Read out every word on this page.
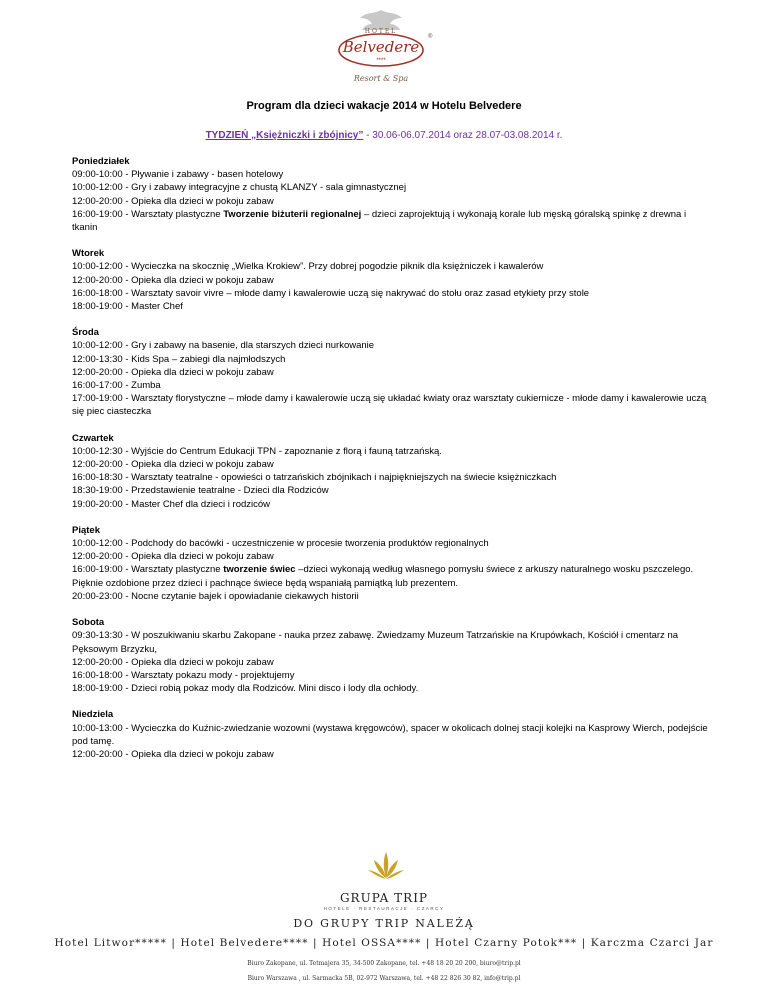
HOTEL
Belvedere
®
****
Resort & Spa
Program dla dzieci wakacje 2014 w Hotelu Belvedere
TYDZIEŃ „Księżniczki i zbójnicy” - 30.06-06.07.2014 oraz 28.07-03.08.2014 r.
Poniedziałek
09:00-10:00 - Pływanie i zabawy - basen hotelowy
10:00-12:00 - Gry i zabawy integracyjne z chustą KLANZY - sala gimnastycznej
12:00-20:00 - Opieka dla dzieci w pokoju zabaw
16:00-19:00 - Warsztaty plastyczne Tworzenie biżuterii regionalnej – dzieci zaprojektują i wykonają korale lub męską góralską spinkę z drewna i tkanin
Wtorek
10:00-12:00 - Wycieczka na skocznię „Wielka Krokiew”. Przy dobrej pogodzie piknik dla księżniczek i kawalerów
12:00-20:00 - Opieka dla dzieci w pokoju zabaw
16:00-18:00 - Warsztaty savoir vivre – młode damy i kawalerowie uczą się nakrywać do stołu oraz zasad etykiety przy stole
18:00-19:00 - Master Chef
Środa
10:00-12:00 - Gry i zabawy na basenie, dla starszych dzieci nurkowanie
12:00-13:30 - Kids Spa – zabiegi dla najmłodszych
12:00-20:00 - Opieka dla dzieci w pokoju zabaw
16:00-17:00 - Zumba
17:00-19:00 - Warsztaty florystyczne – młode damy i kawalerowie uczą się układać kwiaty oraz warsztaty cukiernicze - młode damy i kawalerowie uczą się piec ciasteczka
Czwartek
10:00-12:30 - Wyjście do Centrum Edukacji TPN - zapoznanie z florą i fauną tatrzańską.
12:00-20:00 - Opieka dla dzieci w pokoju zabaw
16:00-18:30 - Warsztaty teatralne - opowieści o tatrzańskich zbójnikach i najpiękniejszych na świecie księżniczkach
18:30-19:00 - Przedstawienie teatralne - Dzieci dla Rodziców
19:00-20:00 - Master Chef dla dzieci i rodziców
Piątek
10:00-12:00 - Podchody do bacówki - uczestniczenie w procesie tworzenia produktów regionalnych
12:00-20:00 - Opieka dla dzieci w pokoju zabaw
16:00-19:00 - Warsztaty plastyczne tworzenie świec –dzieci wykonają według własnego pomysłu świece z arkuszy naturalnego wosku pszczelego. Pięknie ozdobione przez dzieci i pachnące świece będą wspaniałą pamiątką lub prezentem.
20:00-23:00 - Nocne czytanie bajek i opowiadanie ciekawych historii
Sobota
09:30-13:30 - W poszukiwaniu skarbu Zakopane - nauka przez zabawę. Zwiedzamy Muzeum Tatrzańskie na Krupówkach, Kościół i cmentarz na Pęksowym Brzyzku,
12:00-20:00 - Opieka dla dzieci w pokoju zabaw
16:00-18:00 - Warsztaty pokazu mody - projektujemy
18:00-19:00 - Dzieci robią pokaz mody dla Rodziców. Mini disco i lody dla ochłody.
Niedziela
10:00-13:00 - Wycieczka do Kuźnic-zwiedzanie wozowni (wystawa kręgowców), spacer w okolicach dolnej stacji kolejki na Kasprowy Wierch, podejście pod tamę.
12:00-20:00 - Opieka dla dzieci w pokoju zabaw
GRUPA TRIP
HOTELE · RESTAURACJE · CZARCY
DO GRUPY TRIP NALEŻĄ
Hotel Litwor***** | Hotel Belvedere**** | Hotel OSSA**** | Hotel Czarny Potok*** | Karczma Czarci Jar
Biuro Zakopane, ul. Tetmajera 35, 34-500 Zakopane, tel. +48 18 20 20 200, biuro@trip.pl
Biuro Warszawa , ul. Sarmacka 5B, 02-972 Warszawa, tel. +48 22 826 30 82, info@trip.pl
